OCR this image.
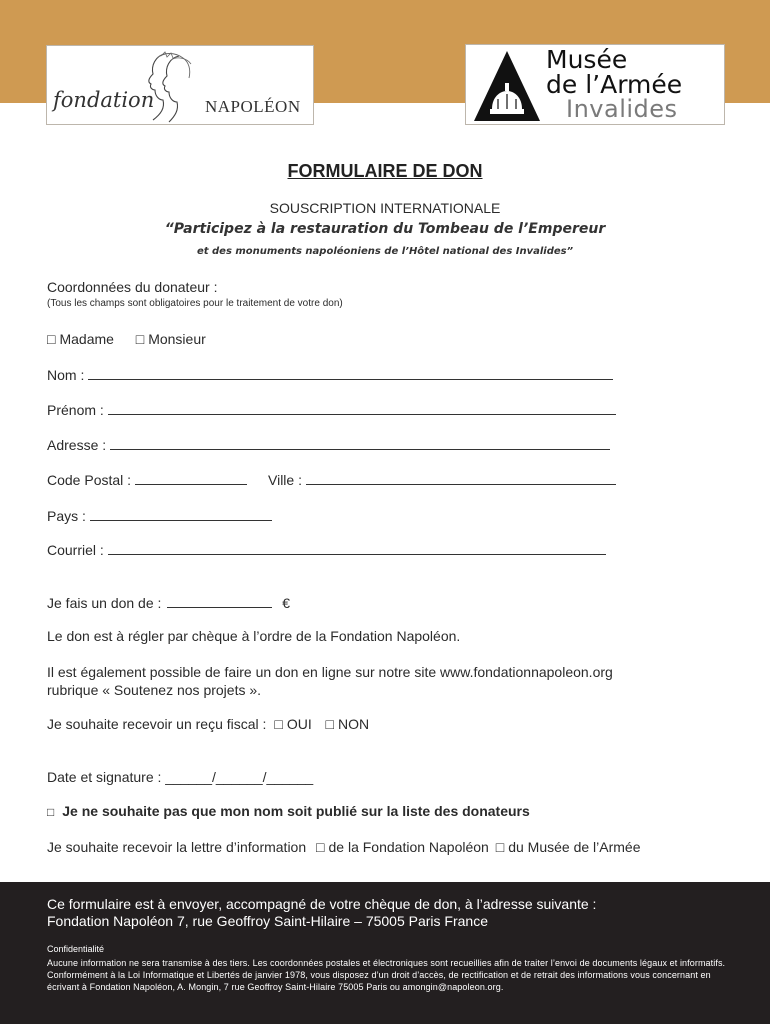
fondation	NAPOLÉON
Musée
de l’Armée
Invalides
FORMULAIRE DE DON
SOUSCRIPTION INTERNATIONALE
“Participez à la restauration du Tombeau de l’Empereur
et des monuments napoléoniens de l’Hôtel national des Invalides”
Coordonnées du donateur :
(Tous les champs sont obligatoires pour le traitement de votre don)
□ Madame □ Monsieur
Nom :
Prénom :
Adresse :
Code Postal :	Ville :
Pays :
Courriel :
Je fais un don de :	€
Le don est à régler par chèque à l’ordre de la Fondation Napoléon.
Il est également possible de faire un don en ligne sur notre site www.fondationnapoleon.org
rubrique « Soutenez nos projets ».
Je souhaite recevoir un reçu fiscal : □ OUI □ NON
Date et signature : ______/______/______
□ Je ne souhaite pas que mon nom soit publié sur la liste des donateurs
Je souhaite recevoir la lettre d’information □ de la Fondation Napoléon □ du Musée de l’Armée
Ce formulaire est à envoyer, accompagné de votre chèque de don, à l’adresse suivante :
Fondation Napoléon 7, rue Geoffroy Saint-Hilaire – 75005 Paris France
Confidentialité
Aucune information ne sera transmise à des tiers. Les coordonnées postales et électroniques sont recueillies afin de traiter l’envoi de documents légaux et informatifs. Conformément à la Loi Informatique et Libertés de janvier 1978, vous disposez d’un droit d’accès, de rectification et de retrait des informations vous concernant en écrivant à Fondation Napoléon, A. Mongin, 7 rue Geoffroy Saint-Hilaire 75005 Paris ou amongin@napoleon.org.
